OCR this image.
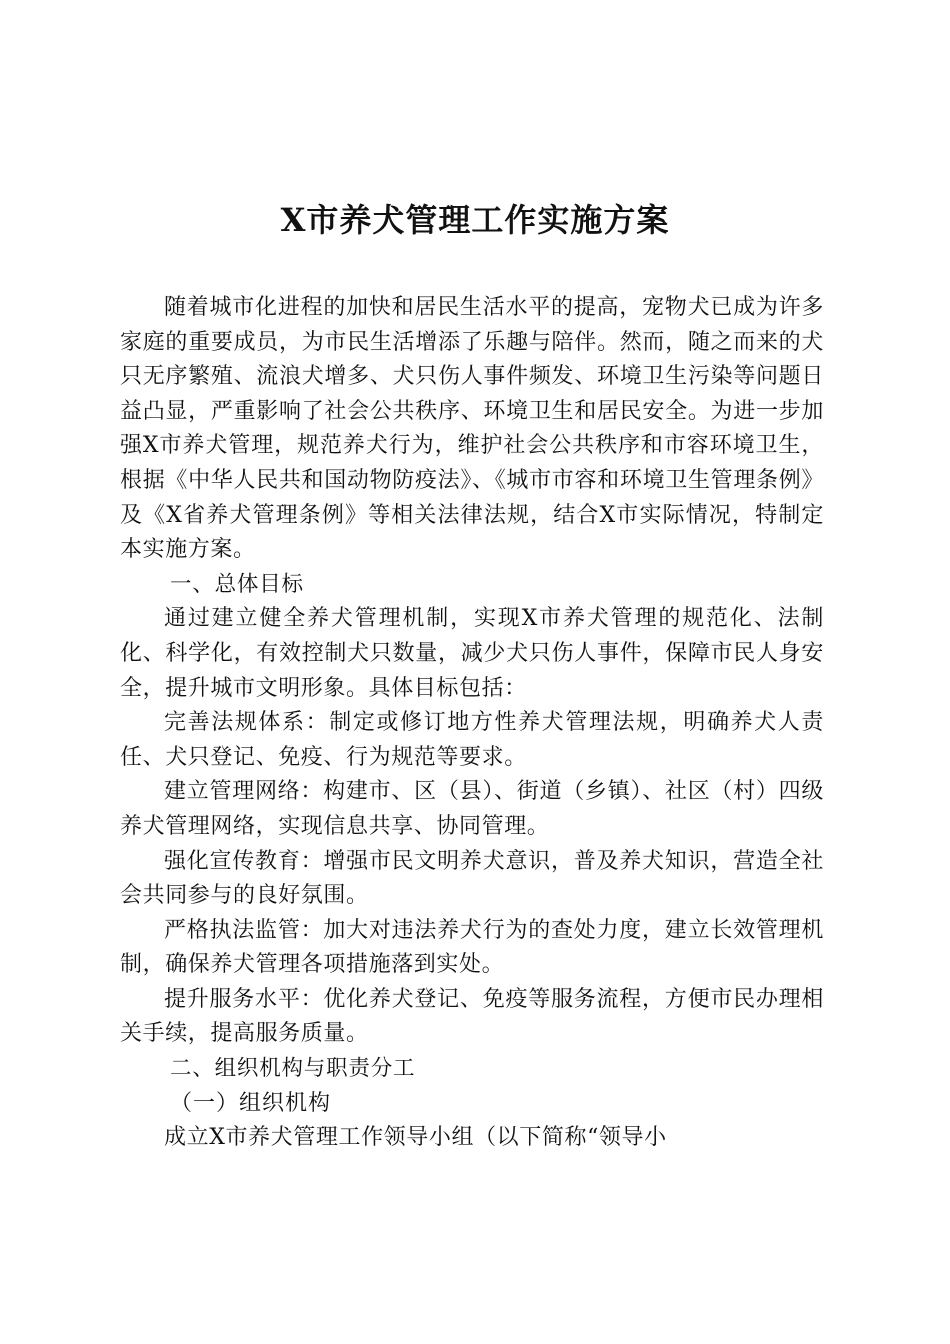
X市养犬管理工作实施方案

随着城市化进程的加快和居民生活水平的提高，宠物犬已成为许多家庭的重要成员，为市民生活增添了乐趣与陪伴。然而，随之而来的犬只无序繁殖、流浪犬增多、犬只伤人事件频发、环境卫生污染等问题日益凸显，严重影响了社会公共秩序、环境卫生和居民安全。为进一步加强X市养犬管理，规范养犬行为，维护社会公共秩序和市容环境卫生，根据《中华人民共和国动物防疫法》、《城市市容和环境卫生管理条例》及《X省养犬管理条例》等相关法律法规，结合X市实际情况，特制定本实施方案。

一、总体目标

通过建立健全养犬管理机制，实现X市养犬管理的规范化、法制化、科学化，有效控制犬只数量，减少犬只伤人事件，保障市民人身安全，提升城市文明形象。具体目标包括：

完善法规体系：制定或修订地方性养犬管理法规，明确养犬人责任、犬只登记、免疫、行为规范等要求。

建立管理网络：构建市、区（县）、街道（乡镇）、社区（村）四级养犬管理网络，实现信息共享、协同管理。

强化宣传教育：增强市民文明养犬意识，普及养犬知识，营造全社会共同参与的良好氛围。

严格执法监管：加大对违法养犬行为的查处力度，建立长效管理机制，确保养犬管理各项措施落到实处。

提升服务水平：优化养犬登记、免疫等服务流程，方便市民办理相关手续，提高服务质量。

二、组织机构与职责分工
（一）组织机构

成立X市养犬管理工作领导小组（以下简称“领导小
